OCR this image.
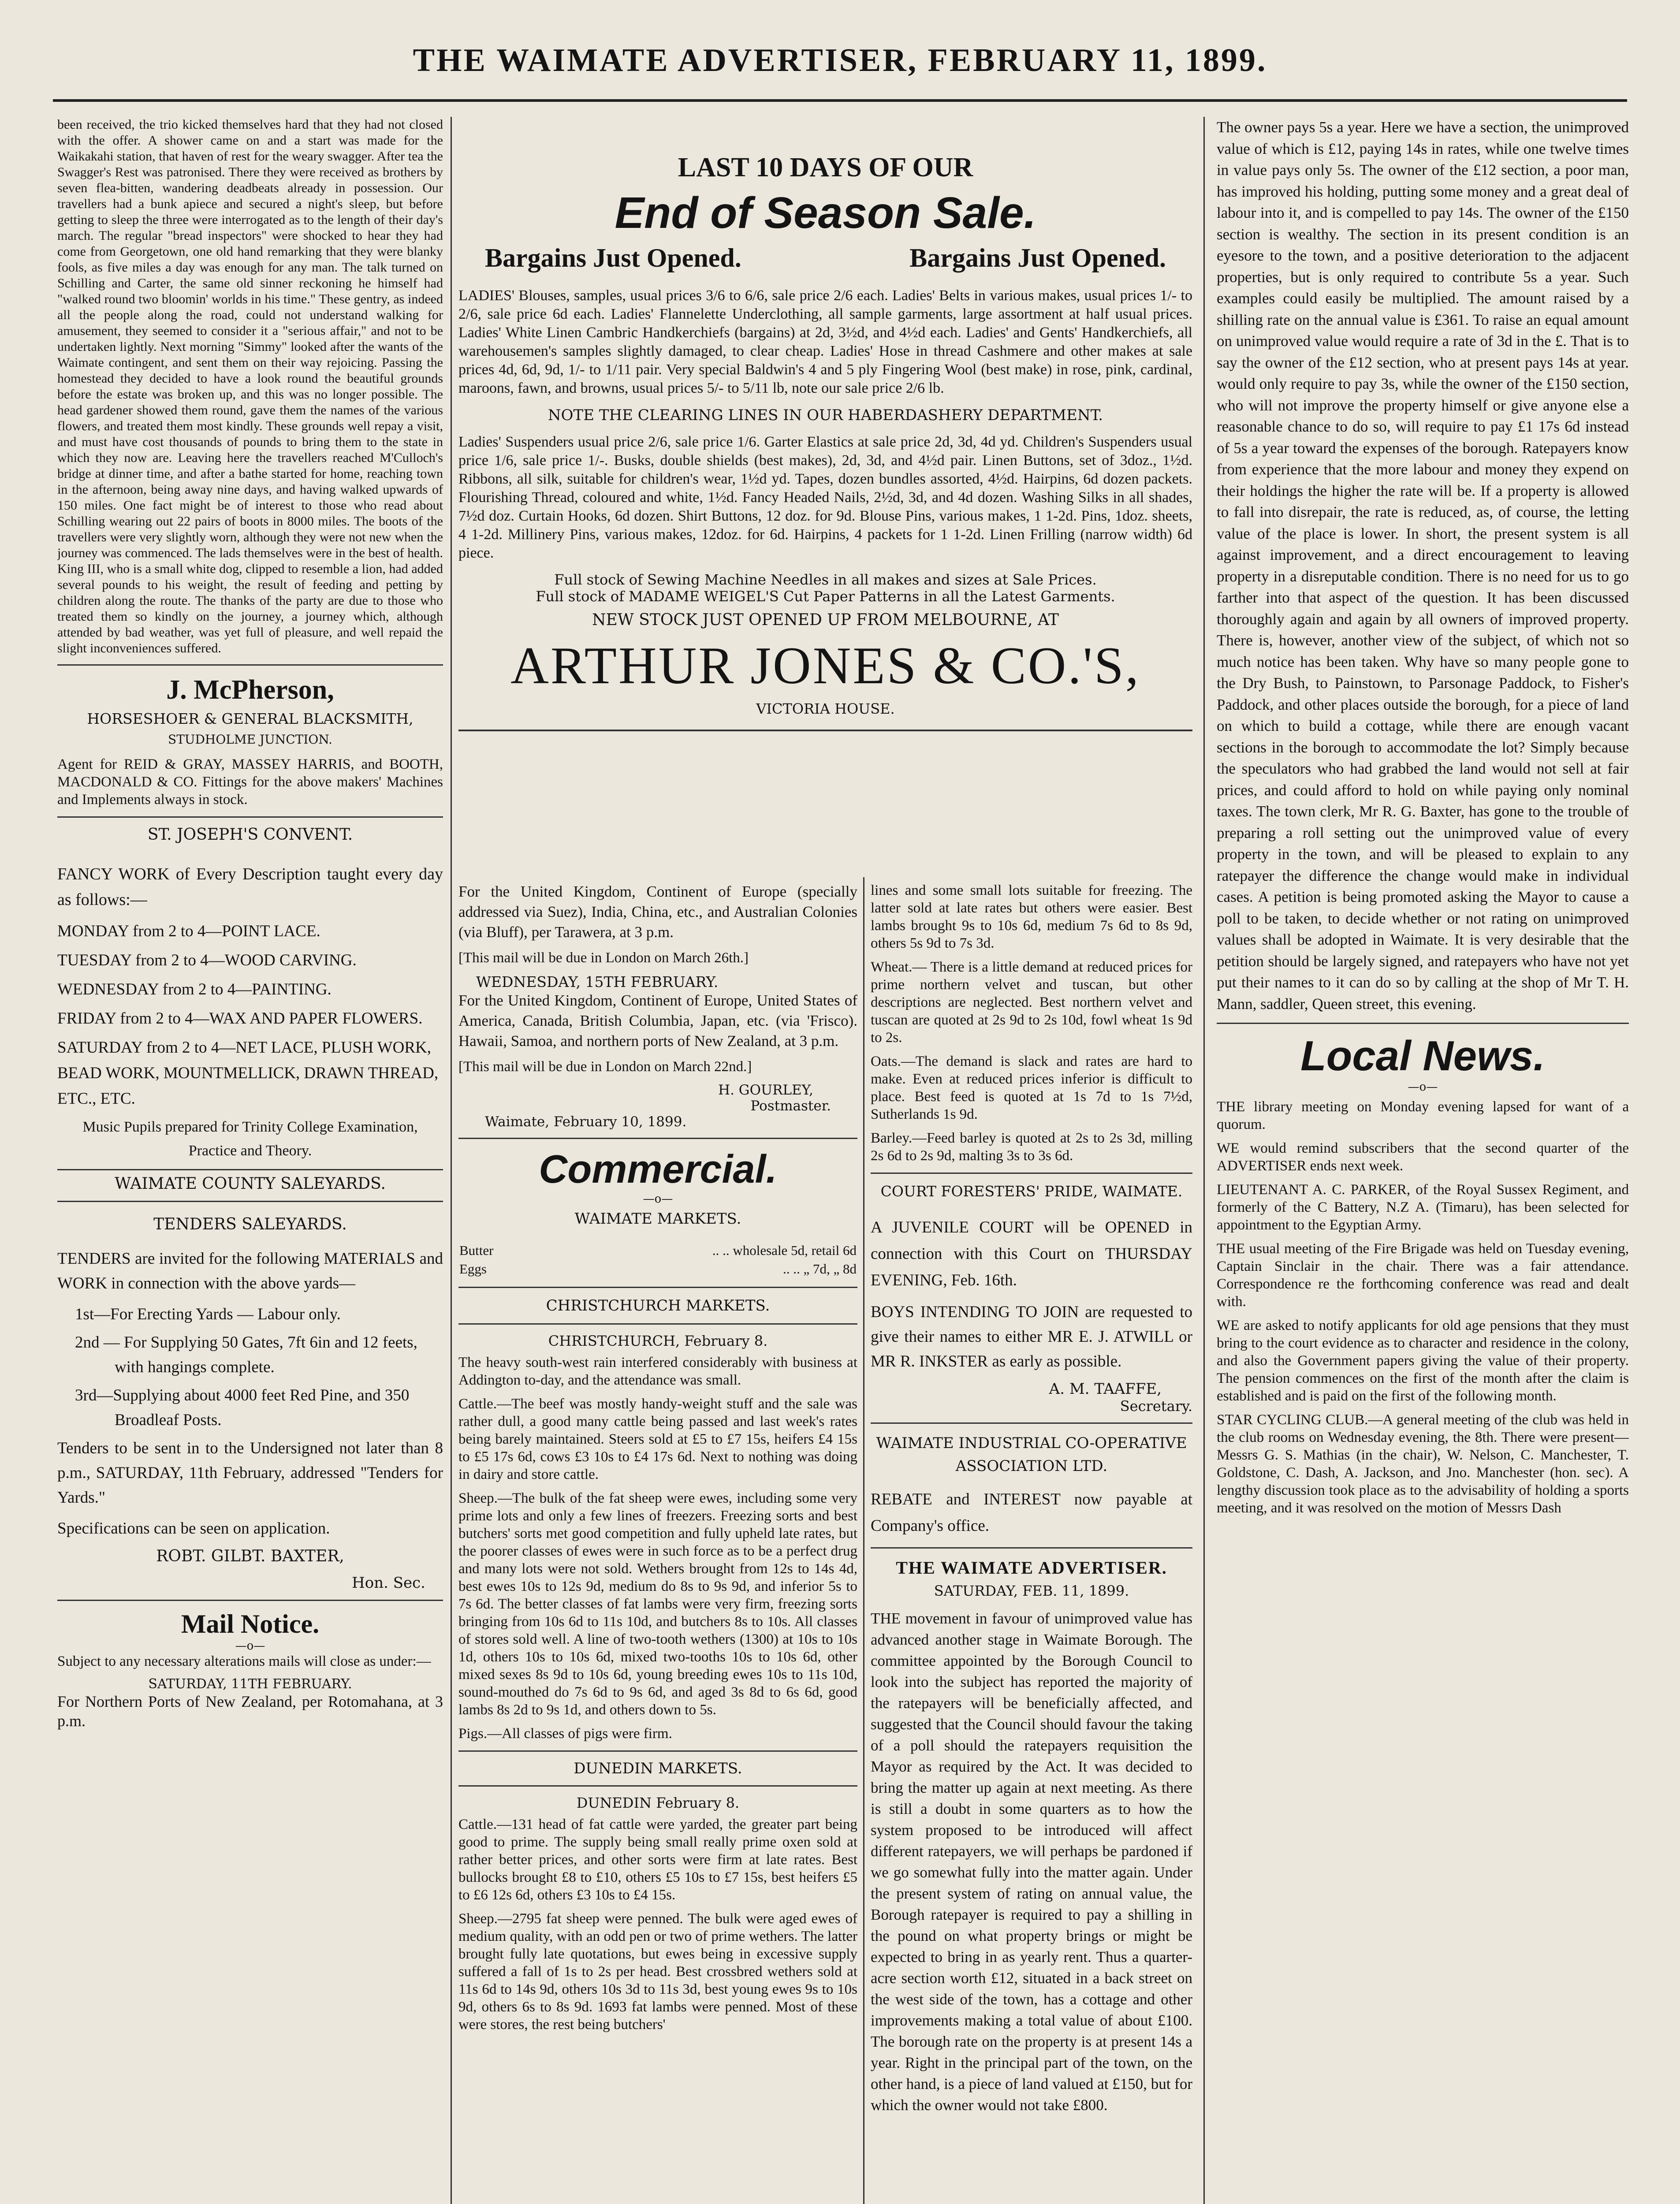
THE WAIMATE ADVERTISER, FEBRUARY 11, 1899.

been received, the trio kicked themselves hard that they had not closed with the offer. A shower came on and a start was made for the Waikakahi station, that haven of rest for the weary swagger. After tea the Swagger's Rest was patronised. There they were received as brothers by seven flea-bitten, wandering deadbeats already in possession. Our travellers had a bunk apiece and secured a night's sleep, but before getting to sleep the three were interrogated as to the length of their day's march. The regular "bread inspectors" were shocked to hear they had come from Georgetown, one old hand remarking that they were blanky fools, as five miles a day was enough for any man. The talk turned on Schilling and Carter, the same old sinner reckoning he himself had "walked round two bloomin' worlds in his time." These gentry, as indeed all the people along the road, could not understand walking for amusement, they seemed to consider it a "serious affair," and not to be undertaken lightly. Next morning "Simmy" looked after the wants of the Waimate contingent, and sent them on their way rejoicing. Passing the homestead they decided to have a look round the beautiful grounds before the estate was broken up, and this was no longer possible. The head gardener showed them round, gave them the names of the various flowers, and treated them most kindly. These grounds well repay a visit, and must have cost thousands of pounds to bring them to the state in which they now are. Leaving here the travellers reached M'Culloch's bridge at dinner time, and after a bathe started for home, reaching town in the afternoon, being away nine days, and having walked upwards of 150 miles. One fact might be of interest to those who read about Schilling wearing out 22 pairs of boots in 8000 miles. The boots of the travellers were very slightly worn, although they were not new when the journey was commenced. The lads themselves were in the best of health. King III, who is a small white dog, clipped to resemble a lion, had added several pounds to his weight, the result of feeding and petting by children along the route. The thanks of the party are due to those who treated them so kindly on the journey, a journey which, although attended by bad weather, was yet full of pleasure, and well repaid the slight inconveniences suffered.

J. McPherson,
HORSESHOER & GENERAL BLACKSMITH,
STUDHOLME JUNCTION.

Agent for REID & GRAY, MASSEY HARRIS, and BOOTH, MACDONALD & CO. Fittings for the above makers' Machines and Implements always in stock.

ST. JOSEPH'S CONVENT.

FANCY WORK of Every Description taught every day as follows:—

MONDAY from 2 to 4—POINT LACE.
TUESDAY from 2 to 4—WOOD CARVING.
WEDNESDAY from 2 to 4—PAINTING.
FRIDAY from 2 to 4—WAX AND PAPER FLOWERS.
SATURDAY from 2 to 4—NET LACE, PLUSH WORK, BEAD WORK, MOUNTMELLICK, DRAWN THREAD, ETC., ETC.

Music Pupils prepared for Trinity College Examination, Practice and Theory.

WAIMATE COUNTY SALEYARDS.
TENDERS SALEYARDS.

TENDERS are invited for the following MATERIALS and WORK in connection with the above yards—

1st—For Erecting Yards — Labour only.
2nd — For Supplying 50 Gates, 7ft 6in and 12 feets, with hangings complete.
3rd—Supplying about 4000 feet Red Pine, and 350 Broadleaf Posts.

Tenders to be sent in to the Undersigned not later than 8 p.m., SATURDAY, 11th February, addressed "Tenders for Yards."

Specifications can be seen on application.

ROBT. GILBT. BAXTER,
Hon. Sec.
Mail Notice.
—o—

Subject to any necessary alterations mails will close as under:—

SATURDAY, 11TH FEBRUARY.

For Northern Ports of New Zealand, per Rotomahana, at 3 p.m.

LAST 10 DAYS OF OUR
End of Season Sale.
Bargains Just Opened.	Bargains Just Opened.

LADIES' Blouses, samples, usual prices 3/6 to 6/6, sale price 2/6 each. Ladies' Belts in various makes, usual prices 1/- to 2/6, sale price 6d each. Ladies' Flannelette Underclothing, all sample garments, large assortment at half usual prices. Ladies' White Linen Cambric Handkerchiefs (bargains) at 2d, 3½d, and 4½d each. Ladies' and Gents' Handkerchiefs, all warehousemen's samples slightly damaged, to clear cheap. Ladies' Hose in thread Cashmere and other makes at sale prices 4d, 6d, 9d, 1/- to 1/11 pair. Very special Baldwin's 4 and 5 ply Fingering Wool (best make) in rose, pink, cardinal, maroons, fawn, and browns, usual prices 5/- to 5/11 lb, note our sale price 2/6 lb.

NOTE THE CLEARING LINES IN OUR HABERDASHERY DEPARTMENT.

Ladies' Suspenders usual price 2/6, sale price 1/6. Garter Elastics at sale price 2d, 3d, 4d yd. Children's Suspenders usual price 1/6, sale price 1/-. Busks, double shields (best makes), 2d, 3d, and 4½d pair. Linen Buttons, set of 3doz., 1½d. Ribbons, all silk, suitable for children's wear, 1½d yd. Tapes, dozen bundles assorted, 4½d. Hairpins, 6d dozen packets. Flourishing Thread, coloured and white, 1½d. Fancy Headed Nails, 2½d, 3d, and 4d dozen. Washing Silks in all shades, 7½d doz. Curtain Hooks, 6d dozen. Shirt Buttons, 12 doz. for 9d. Blouse Pins, various makes, 1 1-2d. Pins, 1doz. sheets, 4 1-2d. Millinery Pins, various makes, 12doz. for 6d. Hairpins, 4 packets for 1 1-2d. Linen Frilling (narrow width) 6d piece.

Full stock of Sewing Machine Needles in all makes and sizes at Sale Prices.
Full stock of MADAME WEIGEL'S Cut Paper Patterns in all the Latest Garments.
NEW STOCK JUST OPENED UP FROM MELBOURNE, AT
ARTHUR JONES & CO.'S,
VICTORIA HOUSE.

For the United Kingdom, Continent of Europe (specially addressed via Suez), India, China, etc., and Australian Colonies (via Bluff), per Tarawera, at 3 p.m.

[This mail will be due in London on March 26th.]

WEDNESDAY, 15TH FEBRUARY.

For the United Kingdom, Continent of Europe, United States of America, Canada, British Columbia, Japan, etc. (via 'Frisco). Hawaii, Samoa, and northern ports of New Zealand, at 3 p.m.

[This mail will be due in London on March 22nd.]

H. GOURLEY,
Postmaster.
Waimate, February 10, 1899.
Commercial.
—o—
WAIMATE MARKETS.
Butter	.. .. wholesale 5d, retail 6d
Eggs	.. .. „ 7d, „ 8d
CHRISTCHURCH MARKETS.
CHRISTCHURCH, February 8.

The heavy south-west rain interfered considerably with business at Addington to-day, and the attendance was small.

Cattle.—The beef was mostly handy-weight stuff and the sale was rather dull, a good many cattle being passed and last week's rates being barely maintained. Steers sold at £5 to £7 15s, heifers £4 15s to £5 17s 6d, cows £3 10s to £4 17s 6d. Next to nothing was doing in dairy and store cattle.

Sheep.—The bulk of the fat sheep were ewes, including some very prime lots and only a few lines of freezers. Freezing sorts and best butchers' sorts met good competition and fully upheld late rates, but the poorer classes of ewes were in such force as to be a perfect drug and many lots were not sold. Wethers brought from 12s to 14s 4d, best ewes 10s to 12s 9d, medium do 8s to 9s 9d, and inferior 5s to 7s 6d. The better classes of fat lambs were very firm, freezing sorts bringing from 10s 6d to 11s 10d, and butchers 8s to 10s. All classes of stores sold well. A line of two-tooth wethers (1300) at 10s to 10s 1d, others 10s to 10s 6d, mixed two-tooths 10s to 10s 6d, other mixed sexes 8s 9d to 10s 6d, young breeding ewes 10s to 11s 10d, sound-mouthed do 7s 6d to 9s 6d, and aged 3s 8d to 6s 6d, good lambs 8s 2d to 9s 1d, and others down to 5s.

Pigs.—All classes of pigs were firm.

DUNEDIN MARKETS.
DUNEDIN February 8.

Cattle.—131 head of fat cattle were yarded, the greater part being good to prime. The supply being small really prime oxen sold at rather better prices, and other sorts were firm at late rates. Best bullocks brought £8 to £10, others £5 10s to £7 15s, best heifers £5 to £6 12s 6d, others £3 10s to £4 15s.

Sheep.—2795 fat sheep were penned. The bulk were aged ewes of medium quality, with an odd pen or two of prime wethers. The latter brought fully late quotations, but ewes being in excessive supply suffered a fall of 1s to 2s per head. Best crossbred wethers sold at 11s 6d to 14s 9d, others 10s 3d to 11s 3d, best young ewes 9s to 10s 9d, others 6s to 8s 9d. 1693 fat lambs were penned. Most of these were stores, the rest being butchers'

lines and some small lots suitable for freezing. The latter sold at late rates but others were easier. Best lambs brought 9s to 10s 6d, medium 7s 6d to 8s 9d, others 5s 9d to 7s 3d.

Wheat.— There is a little demand at reduced prices for prime northern velvet and tuscan, but other descriptions are neglected. Best northern velvet and tuscan are quoted at 2s 9d to 2s 10d, fowl wheat 1s 9d to 2s.

Oats.—The demand is slack and rates are hard to make. Even at reduced prices inferior is difficult to place. Best feed is quoted at 1s 7d to 1s 7½d, Sutherlands 1s 9d.

Barley.—Feed barley is quoted at 2s to 2s 3d, milling 2s 6d to 2s 9d, malting 3s to 3s 6d.

COURT FORESTERS' PRIDE, WAIMATE.

A JUVENILE COURT will be OPENED in connection with this Court on THURSDAY EVENING, Feb. 16th.

BOYS INTENDING TO JOIN are requested to give their names to either MR E. J. ATWILL or MR R. INKSTER as early as possible.

A. M. TAAFFE,
Secretary.
WAIMATE INDUSTRIAL CO-OPERATIVE ASSOCIATION LTD.

REBATE and INTEREST now payable at Company's office.

THE WAIMATE ADVERTISER.
SATURDAY, FEB. 11, 1899.

THE movement in favour of unimproved value has advanced another stage in Waimate Borough. The committee appointed by the Borough Council to look into the subject has reported the majority of the ratepayers will be beneficially affected, and suggested that the Council should favour the taking of a poll should the ratepayers requisition the Mayor as required by the Act. It was decided to bring the matter up again at next meeting. As there is still a doubt in some quarters as to how the system proposed to be introduced will affect different ratepayers, we will perhaps be pardoned if we go somewhat fully into the matter again. Under the present system of rating on annual value, the Borough ratepayer is required to pay a shilling in the pound on what property brings or might be expected to bring in as yearly rent. Thus a quarter-acre section worth £12, situated in a back street on the west side of the town, has a cottage and other improvements making a total value of about £100. The borough rate on the property is at present 14s a year. Right in the principal part of the town, on the other hand, is a piece of land valued at £150, but for which the owner would not take £800.

The owner pays 5s a year. Here we have a section, the unimproved value of which is £12, paying 14s in rates, while one twelve times in value pays only 5s. The owner of the £12 section, a poor man, has improved his holding, putting some money and a great deal of labour into it, and is compelled to pay 14s. The owner of the £150 section is wealthy. The section in its present condition is an eyesore to the town, and a positive deterioration to the adjacent properties, but is only required to contribute 5s a year. Such examples could easily be multiplied. The amount raised by a shilling rate on the annual value is £361. To raise an equal amount on unimproved value would require a rate of 3d in the £. That is to say the owner of the £12 section, who at present pays 14s at year. would only require to pay 3s, while the owner of the £150 section, who will not improve the property himself or give anyone else a reasonable chance to do so, will require to pay £1 17s 6d instead of 5s a year toward the expenses of the borough. Ratepayers know from experience that the more labour and money they expend on their holdings the higher the rate will be. If a property is allowed to fall into disrepair, the rate is reduced, as, of course, the letting value of the place is lower. In short, the present system is all against improvement, and a direct encouragement to leaving property in a disreputable condition. There is no need for us to go farther into that aspect of the question. It has been discussed thoroughly again and again by all owners of improved property. There is, however, another view of the subject, of which not so much notice has been taken. Why have so many people gone to the Dry Bush, to Painstown, to Parsonage Paddock, to Fisher's Paddock, and other places outside the borough, for a piece of land on which to build a cottage, while there are enough vacant sections in the borough to accommodate the lot? Simply because the speculators who had grabbed the land would not sell at fair prices, and could afford to hold on while paying only nominal taxes. The town clerk, Mr R. G. Baxter, has gone to the trouble of preparing a roll setting out the unimproved value of every property in the town, and will be pleased to explain to any ratepayer the difference the change would make in individual cases. A petition is being promoted asking the Mayor to cause a poll to be taken, to decide whether or not rating on unimproved values shall be adopted in Waimate. It is very desirable that the petition should be largely signed, and ratepayers who have not yet put their names to it can do so by calling at the shop of Mr T. H. Mann, saddler, Queen street, this evening.

Local News.
—o—

THE library meeting on Monday evening lapsed for want of a quorum.

WE would remind subscribers that the second quarter of the ADVERTISER ends next week.

LIEUTENANT A. C. PARKER, of the Royal Sussex Regiment, and formerly of the C Battery, N.Z A. (Timaru), has been selected for appointment to the Egyptian Army.

THE usual meeting of the Fire Brigade was held on Tuesday evening, Captain Sinclair in the chair. There was a fair attendance. Correspondence re the forthcoming conference was read and dealt with.

WE are asked to notify applicants for old age pensions that they must bring to the court evidence as to character and residence in the colony, and also the Government papers giving the value of their property. The pension commences on the first of the month after the claim is established and is paid on the first of the following month.

STAR CYCLING CLUB.—A general meeting of the club was held in the club rooms on Wednesday evening, the 8th. There were present—Messrs G. S. Mathias (in the chair), W. Nelson, C. Manchester, T. Goldstone, C. Dash, A. Jackson, and Jno. Manchester (hon. sec). A lengthy discussion took place as to the advisability of holding a sports meeting, and it was resolved on the motion of Messrs Dash
